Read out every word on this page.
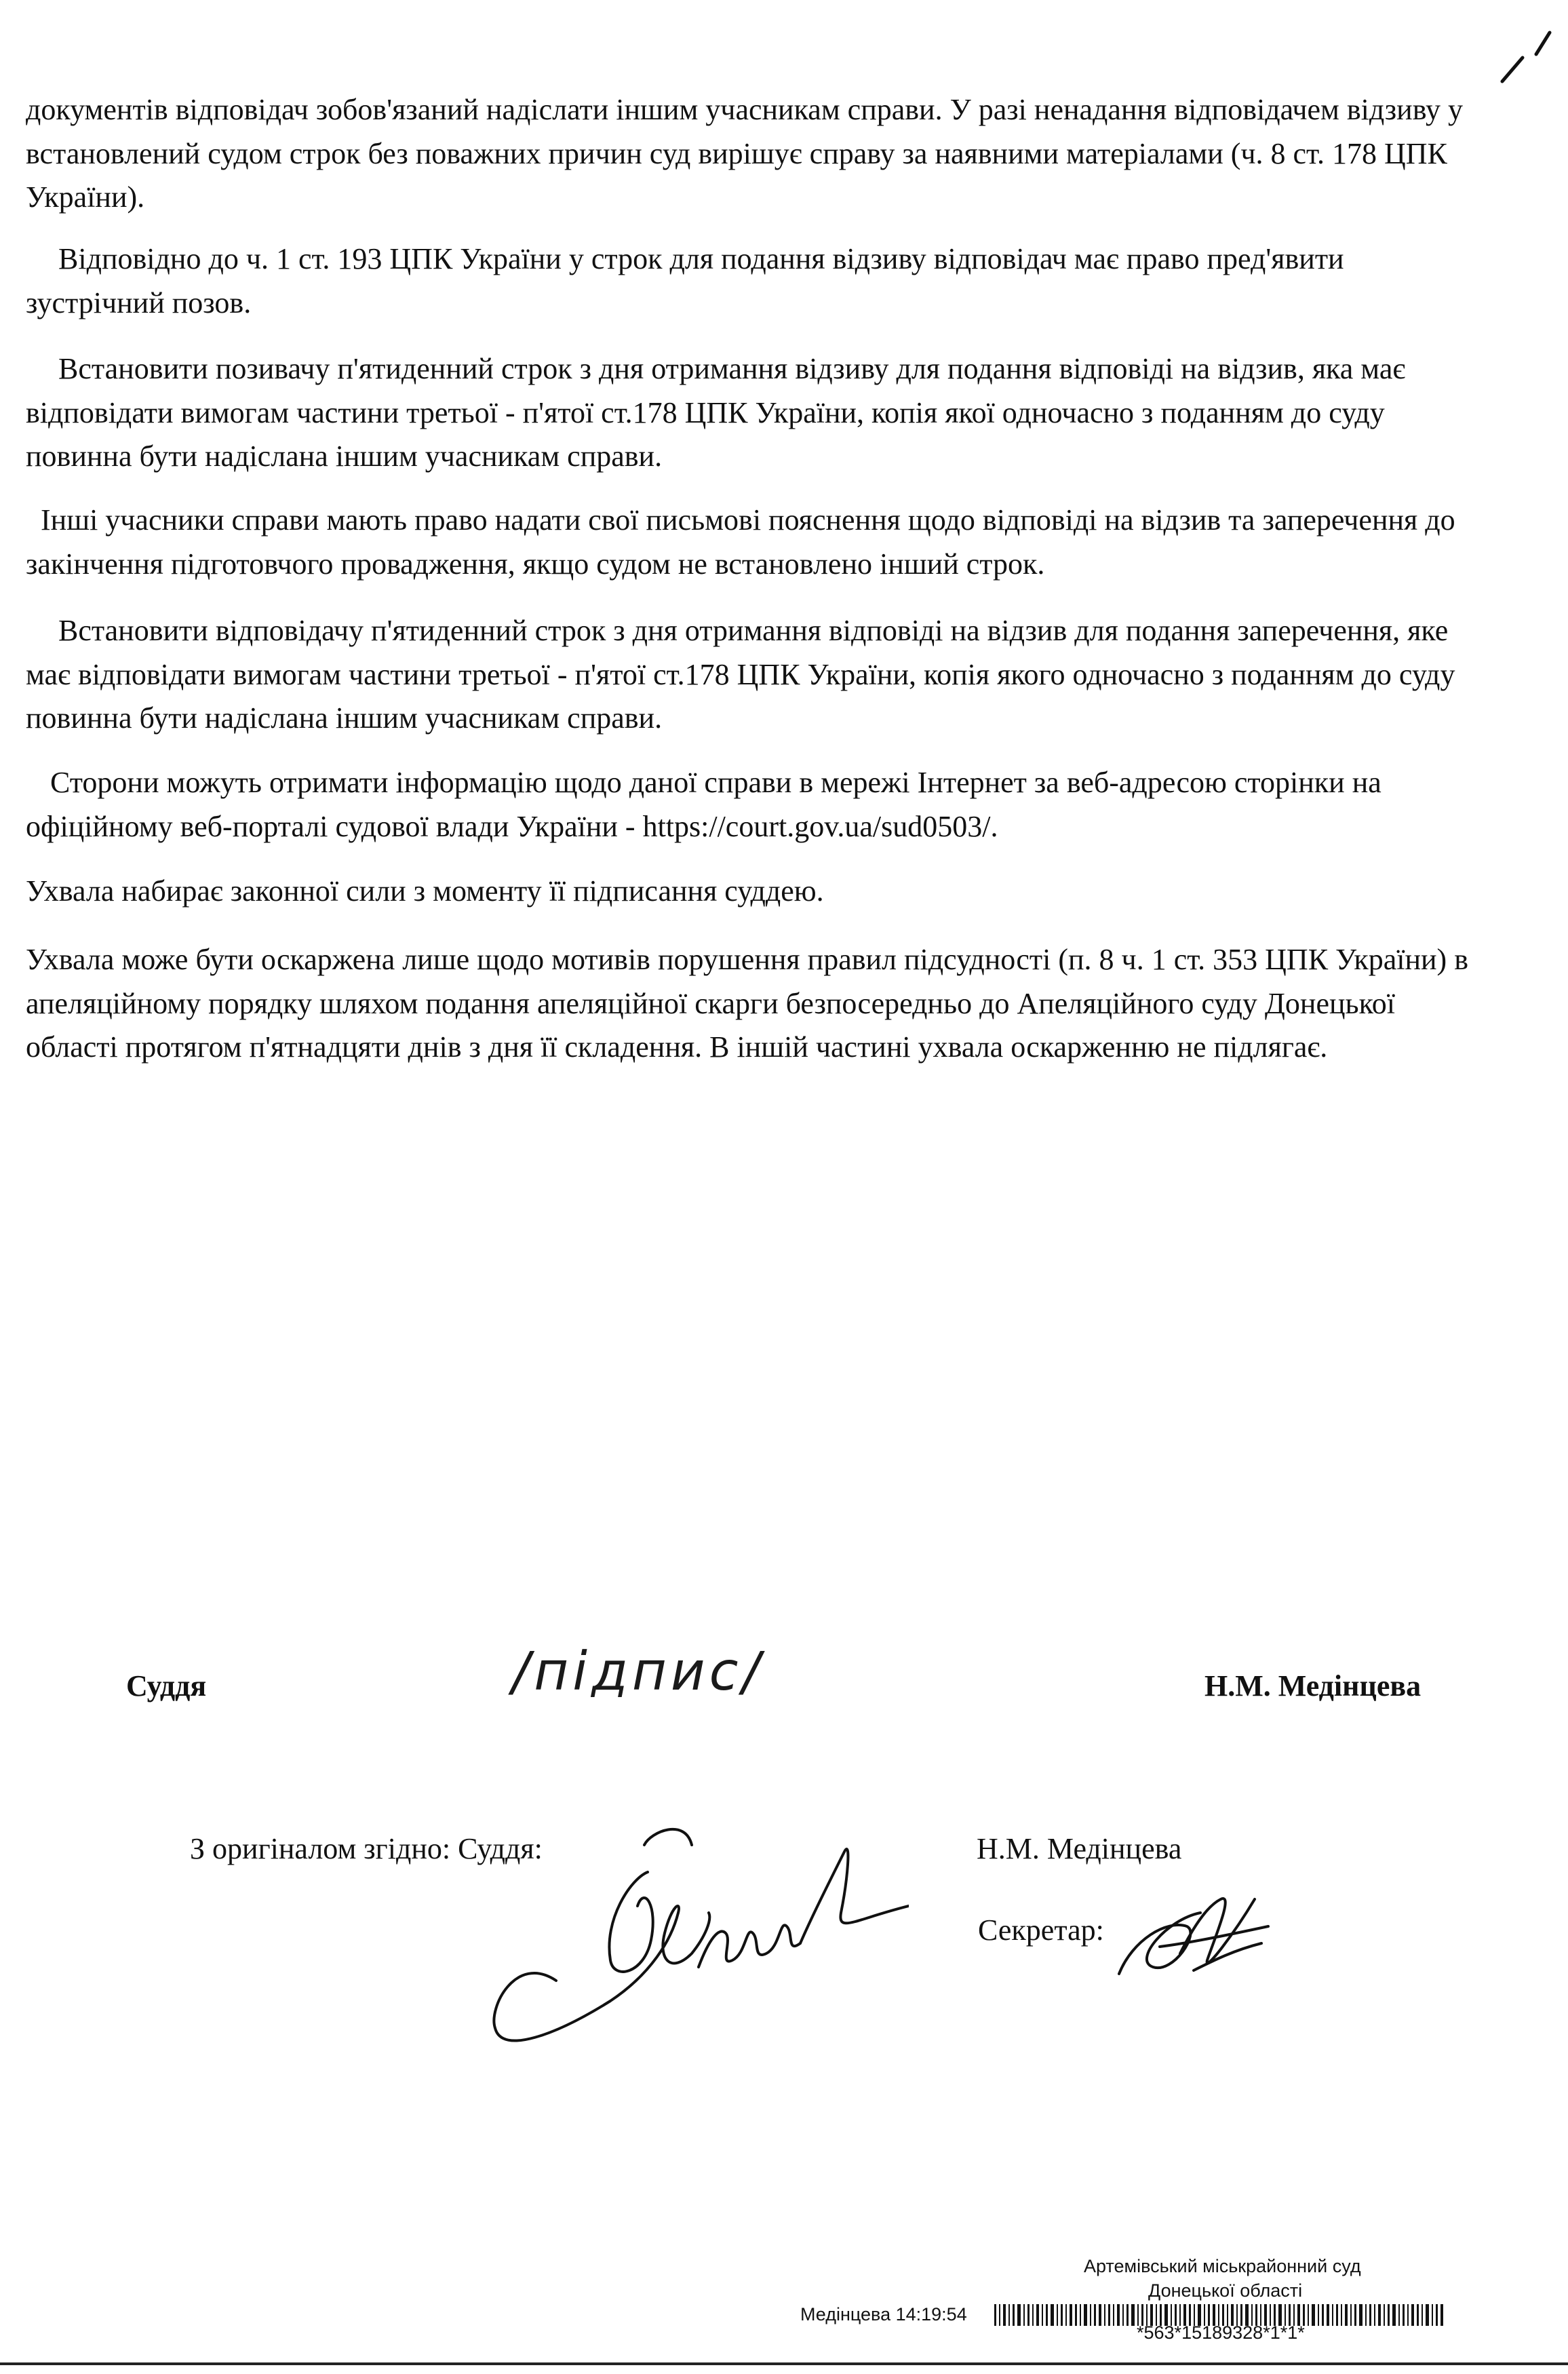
документів відповідач зобов'язаний надіслати іншим учасникам справи. У разі ненадання відповідачем відзиву у встановлений судом строк без поважних причин суд вирішує справу за наявними матеріалами (ч. 8 ст. 178 ЦПК України).

Відповідно до ч. 1 ст. 193 ЦПК України у строк для подання відзиву відповідач має право пред'явити зустрічний позов.

Встановити позивачу п'ятиденний строк з дня отримання відзиву для подання відповіді на відзив, яка має відповідати вимогам частини третьої - п'ятої ст.178 ЦПК України, копія якої одночасно з поданням до суду повинна бути надіслана іншим учасникам справи.

Інші учасники справи мають право надати свої письмові пояснення щодо відповіді на відзив та заперечення до закінчення підготовчого провадження, якщо судом не встановлено інший строк.

Встановити відповідачу п'ятиденний строк з дня отримання відповіді на відзив для подання заперечення, яке має відповідати вимогам частини третьої - п'ятої ст.178 ЦПК України, копія якого одночасно з поданням до суду повинна бути надіслана іншим учасникам справи.

Сторони можуть отримати інформацію щодо даної справи в мережі Інтернет за веб-адресою сторінки на офіційному веб-порталі судової влади України - https://court.gov.ua/sud0503/.

Ухвала набирає законної сили з моменту її підписання суддею.

Ухвала може бути оскаржена лише щодо мотивів порушення правил підсудності (п. 8 ч. 1 ст. 353 ЦПК України) в апеляційному порядку шляхом подання апеляційної скарги безпосередньо до Апеляційного суду Донецької області протягом п'ятнадцяти днів з дня її складення. В іншій частині ухвала оскарженню не підлягає.

Суддя	/підпис/	Н.М. Медінцева
З оригіналом згідно: Суддя:	Н.М. Медінцева
Секретар:
Артемівський міськрайонний суд
Донецької області
Медінцева 14:19:54
*563*15189328*1*1*
